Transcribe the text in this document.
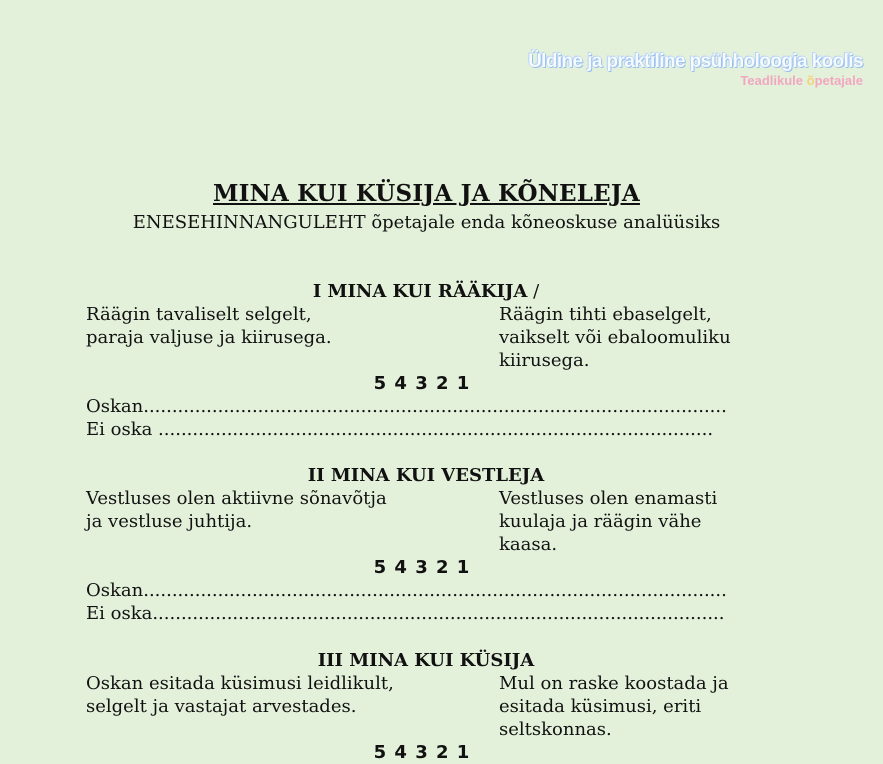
Üldine ja praktiline psühholoogia koolis
Teadlikule õpetajale
MINA KUI KÜSIJA JA KÕNELEJA
ENESEHINNANGULEHT õpetajale enda kõneoskuse analüüsiks
I MINA KUI RÄÄKIJA /
Räägin tavaliselt selgelt,
paraja valjuse ja kiirusega.
Räägin tihti ebaselgelt,
vaikselt või ebaloomuliku
kiirusega.
5 4 3 2 1
Oskan......................................................................................................
Ei oska .................................................................................................
II MINA KUI VESTLEJA
Vestluses olen aktiivne sõnavõtja
ja vestluse juhtija.
Vestluses olen enamasti
kuulaja ja räägin vähe
kaasa.
5 4 3 2 1
Oskan......................................................................................................
Ei oska....................................................................................................
III MINA KUI KÜSIJA
Oskan esitada küsimusi leidlikult,
selgelt ja vastajat arvestades.
Mul on raske koostada ja
esitada küsimusi, eriti
seltskonnas.
5 4 3 2 1
